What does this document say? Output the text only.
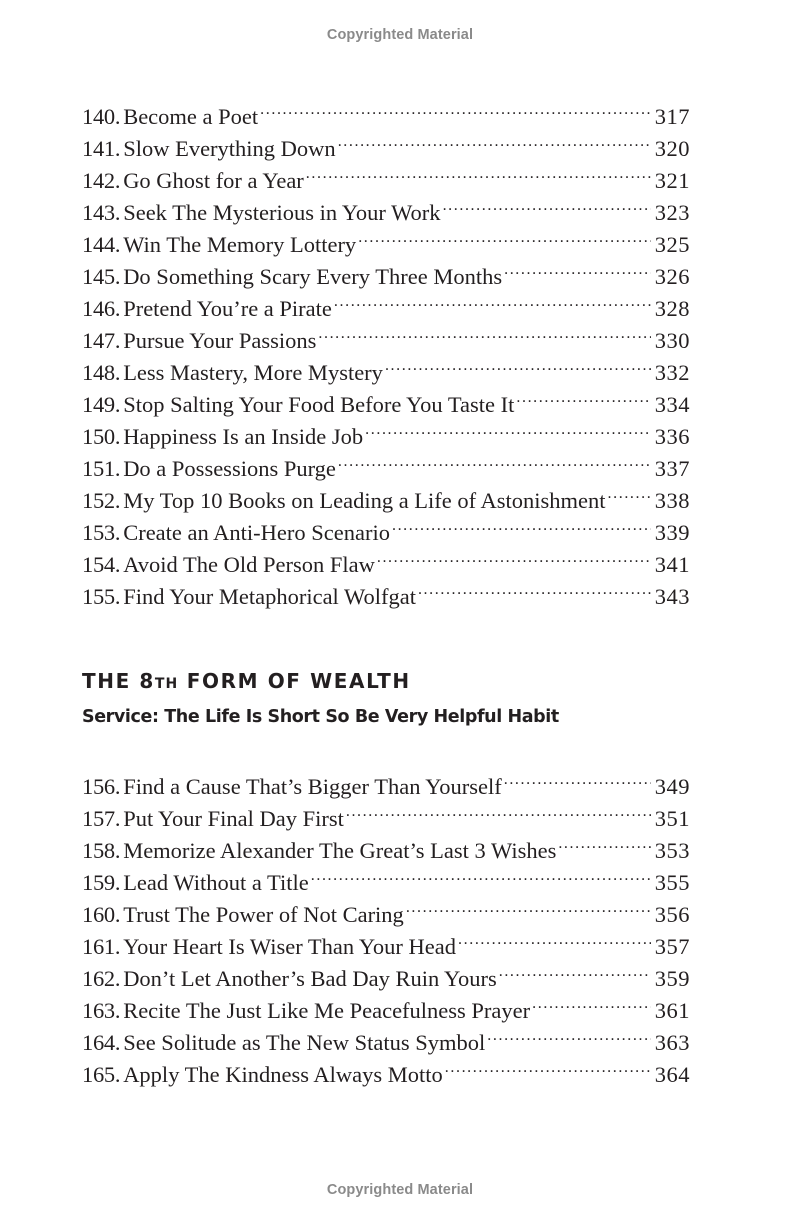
Copyrighted Material
140. Become a Poet .....	317
141. Slow Everything Down .....	320
142. Go Ghost for a Year .....	321
143. Seek The Mysterious in Your Work .....	323
144. Win The Memory Lottery .....	325
145. Do Something Scary Every Three Months .....	326
146. Pretend You’re a Pirate .....	328
147. Pursue Your Passions .....	330
148. Less Mastery, More Mystery .....	332
149. Stop Salting Your Food Before You Taste It .....	334
150. Happiness Is an Inside Job .....	336
151. Do a Possessions Purge .....	337
152. My Top 10 Books on Leading a Life of Astonishment ..... 338
153. Create an Anti-Hero Scenario .....	339
154. Avoid The Old Person Flaw .....	341
155. Find Your Metaphorical Wolfgat .....	343
THE 8TH FORM OF WEALTH
Service: The Life Is Short So Be Very Helpful Habit
156. Find a Cause That’s Bigger Than Yourself .....	349
157. Put Your Final Day First .....	351
158. Memorize Alexander The Great’s Last 3 Wishes .....	353
159. Lead Without a Title .....	355
160. Trust The Power of Not Caring .....	356
161. Your Heart Is Wiser Than Your Head .....	357
162. Don’t Let Another’s Bad Day Ruin Yours .....	359
163. Recite The Just Like Me Peacefulness Prayer .....	361
164. See Solitude as The New Status Symbol .....	363
165. Apply The Kindness Always Motto .....	364
Copyrighted Material
